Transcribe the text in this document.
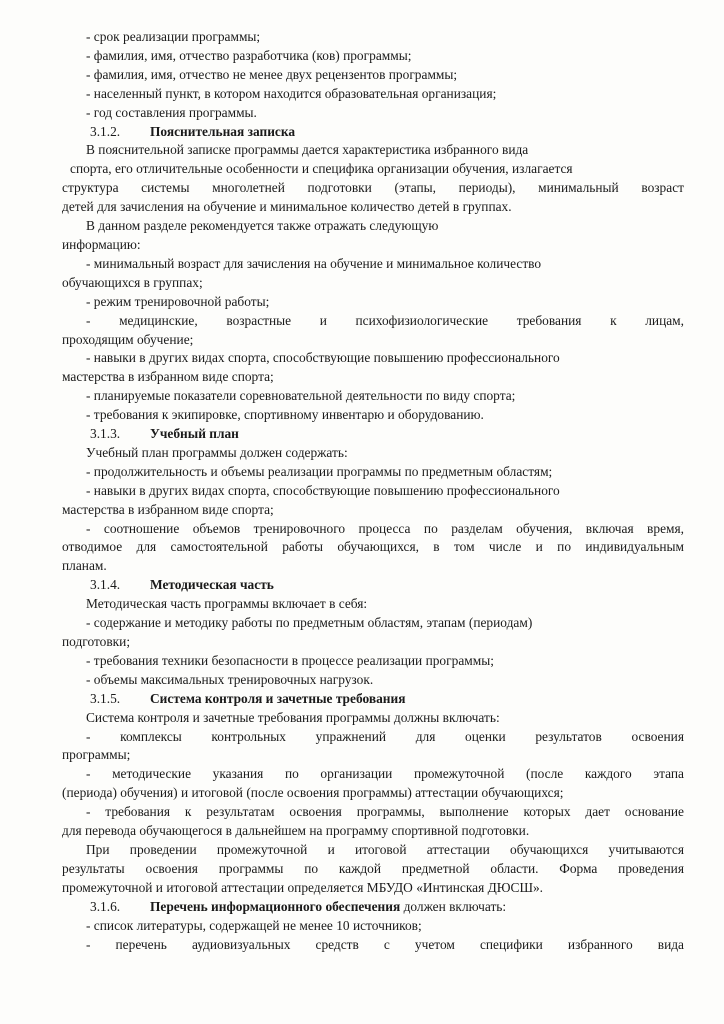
- срок реализации программы;
- фамилия, имя, отчество разработчика (ков) программы;
- фамилия, имя, отчество не менее двух рецензентов программы;
- населенный пункт, в котором находится образовательная организация;
- год составления программы.
3.1.2. Пояснительная записка
В пояснительной записке программы дается характеристика избранного вида
спорта, его отличительные особенности и специфика организации обучения, излагается
структура системы многолетней подготовки (этапы, периоды), минимальный возраст
детей для зачисления на обучение и минимальное количество детей в группах.
В данном разделе рекомендуется также отражать следующую
информацию:
- минимальный возраст для зачисления на обучение и минимальное количество
обучающихся в группах;
- режим тренировочной работы;
- медицинские, возрастные и психофизиологические требования к лицам,
проходящим обучение;
- навыки в других видах спорта, способствующие повышению профессионального
мастерства в избранном виде спорта;
- планируемые показатели соревновательной деятельности по виду спорта;
- требования к экипировке, спортивному инвентарю и оборудованию.
3.1.3. Учебный план
Учебный план программы должен содержать:
- продолжительность и объемы реализации программы по предметным областям;
- навыки в других видах спорта, способствующие повышению профессионального
мастерства в избранном виде спорта;
- соотношение объемов тренировочного процесса по разделам обучения, включая время,
отводимое для самостоятельной работы обучающихся, в том числе и по индивидуальным
планам.
3.1.4. Методическая часть
Методическая часть программы включает в себя:
- содержание и методику работы по предметным областям, этапам (периодам)
подготовки;
- требования техники безопасности в процессе реализации программы;
- объемы максимальных тренировочных нагрузок.
3.1.5. Система контроля и зачетные требования
Система контроля и зачетные требования программы должны включать:
- комплексы контрольных упражнений для оценки результатов освоения
программы;
- методические указания по организации промежуточной (после каждого этапа
(периода) обучения) и итоговой (после освоения программы) аттестации обучающихся;
- требования к результатам освоения программы, выполнение которых дает основание
для перевода обучающегося в дальнейшем на программу спортивной подготовки.
При проведении промежуточной и итоговой аттестации обучающихся учитываются
результаты освоения программы по каждой предметной области. Форма проведения
промежуточной и итоговой аттестации определяется МБУДО «Интинская ДЮСШ».
3.1.6. Перечень информационного обеспечения должен включать:
- список литературы, содержащей не менее 10 источников;
- перечень аудиовизуальных средств с учетом специфики избранного вида
